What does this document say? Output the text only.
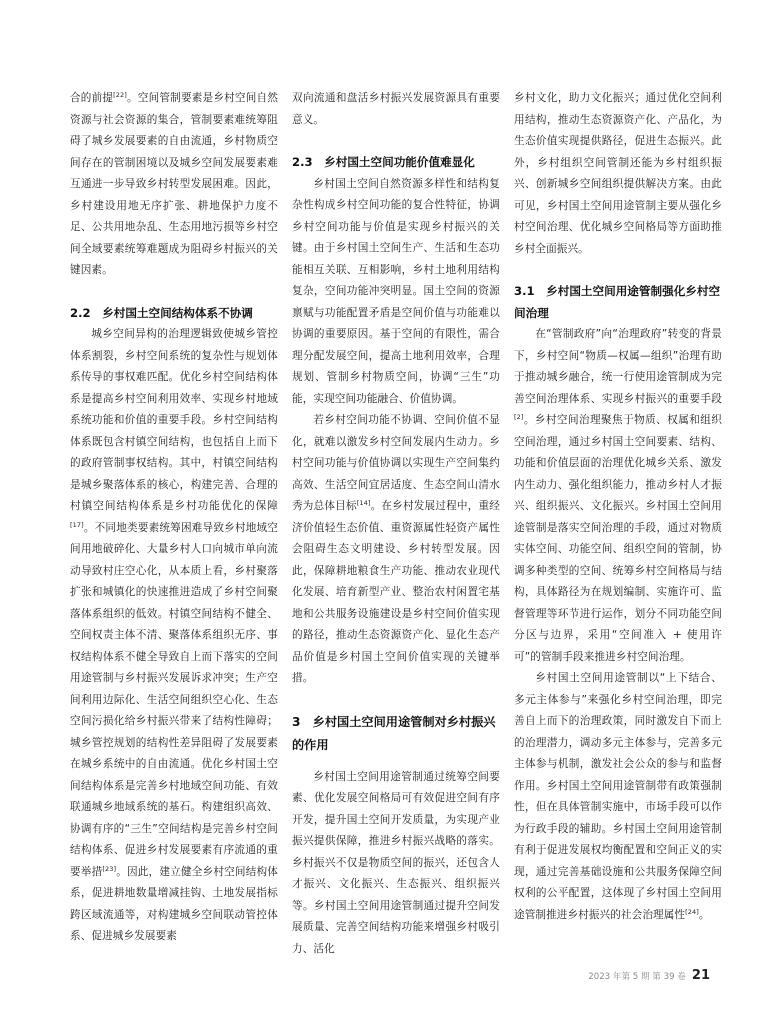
合的前提[22]。空间管制要素是乡村空间自然资源与社会资源的集合，管制要素难统筹阻碍了城乡发展要素的自由流通，乡村物质空间存在的管制困境以及城乡空间发展要素难互通进一步导致乡村转型发展困难。因此，乡村建设用地无序扩张、耕地保护力度不足、公共用地杂乱、生态用地污损等乡村空间全域要素统筹难题成为阻碍乡村振兴的关键因素。

2.2　乡村国土空间结构体系不协调

城乡空间异构的治理逻辑致使城乡管控体系割裂，乡村空间系统的复杂性与规划体系传导的事权难匹配。优化乡村空间结构体系是提高乡村空间利用效率、实现乡村地域系统功能和价值的重要手段。乡村空间结构体系既包含村镇空间结构，也包括自上而下的政府管制事权结构。其中，村镇空间结构是城乡聚落体系的核心，构建完善、合理的村镇空间结构体系是乡村功能优化的保障[17]。不同地类要素统筹困难导致乡村地域空间用地破碎化、大量乡村人口向城市单向流动导致村庄空心化，从本质上看，乡村聚落扩张和城镇化的快速推进造成了乡村空间聚落体系组织的低效。村镇空间结构不健全、空间权责主体不清、聚落体系组织无序、事权结构体系不健全导致自上而下落实的空间用途管制与乡村振兴发展诉求冲突；生产空间利用边际化、生活空间组织空心化、生态空间污损化给乡村振兴带来了结构性障碍；城乡管控规划的结构性差异阻碍了发展要素在城乡系统中的自由流通。优化乡村国土空间结构体系是完善乡村地域空间功能、有效联通城乡地域系统的基石。构建组织高效、协调有序的“三生”空间结构是完善乡村空间结构体系、促进乡村发展要素有序流通的重要举措[23]。因此，建立健全乡村空间结构体系，促进耕地数量增减挂钩、土地发展指标跨区域流通等，对构建城乡空间联动管控体系、促进城乡发展要素

双向流通和盘活乡村振兴发展资源具有重要意义。

2.3　乡村国土空间功能价值难显化

乡村国土空间自然资源多样性和结构复杂性构成乡村空间功能的复合性特征，协调乡村空间功能与价值是实现乡村振兴的关键。由于乡村国土空间生产、生活和生态功能相互关联、互相影响，乡村土地利用结构复杂，空间功能冲突明显。国土空间的资源禀赋与功能配置矛盾是空间价值与功能难以协调的重要原因。基于空间的有限性，需合理分配发展空间，提高土地利用效率，合理规划、管制乡村物质空间，协调“三生”功能，实现空间功能融合、价值协调。

若乡村空间功能不协调、空间价值不显化，就难以激发乡村空间发展内生动力。乡村空间功能与价值协调以实现生产空间集约高效、生活空间宜居适度、生态空间山清水秀为总体目标[14]。在乡村发展过程中，重经济价值轻生态价值、重资源属性轻资产属性会阻碍生态文明建设、乡村转型发展。因此，保障耕地粮食生产功能、推动农业现代化发展、培育新型产业、整治农村闲置宅基地和公共服务设施建设是乡村空间价值实现的路径，推动生态资源资产化、显化生态产品价值是乡村国土空间价值实现的关键举措。

3　 乡村国土空间用途管制对乡村振兴的作用

乡村国土空间用途管制通过统筹空间要素、优化发展空间格局可有效促进空间有序开发，提升国土空间开发质量，为实现产业振兴提供保障，推进乡村振兴战略的落实。乡村振兴不仅是物质空间的振兴，还包含人才振兴、文化振兴、生态振兴、组织振兴等。乡村国土空间用途管制通过提升空间发展质量、完善空间结构功能来增强乡村吸引力、活化

乡村文化，助力文化振兴；通过优化空间利用结构，推动生态资源资产化、产品化，为生态价值实现提供路径，促进生态振兴。此外，乡村组织空间管制还能为乡村组织振兴、创新城乡空间组织提供解决方案。由此可见，乡村国土空间用途管制主要从强化乡村空间治理、优化城乡空间格局等方面助推乡村全面振兴。

3.1　乡村国土空间用途管制强化乡村空间治理

在“管制政府”向“治理政府”转变的背景下，乡村空间“物质—权属—组织”治理有助于推动城乡融合，统一行使用途管制成为完善空间治理体系、实现乡村振兴的重要手段[2]。乡村空间治理聚焦于物质、权属和组织空间治理，通过乡村国土空间要素、结构、功能和价值层面的治理优化城乡关系、激发内生动力、强化组织能力，推动乡村人才振兴、组织振兴、文化振兴。乡村国土空间用途管制是落实空间治理的手段，通过对物质实体空间、功能空间、组织空间的管制，协调多种类型的空间、统筹乡村空间格局与结构，具体路径为在规划编制、实施许可、监督管理等环节进行运作，划分不同功能空间分区与边界，采用“空间准入 + 使用许可”的管制手段来推进乡村空间治理。

乡村国土空间用途管制以“上下结合、多元主体参与”来强化乡村空间治理，即完善自上而下的治理政策，同时激发自下而上的治理潜力，调动多元主体参与，完善多元主体参与机制，激发社会公众的参与和监督作用。乡村国土空间用途管制带有政策强制性，但在具体管制实施中，市场手段可以作为行政手段的辅助。乡村国土空间用途管制有利于促进发展权均衡配置和空间正义的实现，通过完善基础设施和公共服务保障空间权利的公平配置，这体现了乡村国土空间用途管制推进乡村振兴的社会治理属性[24]。

2023 年第 5 期 第 39 卷 21
